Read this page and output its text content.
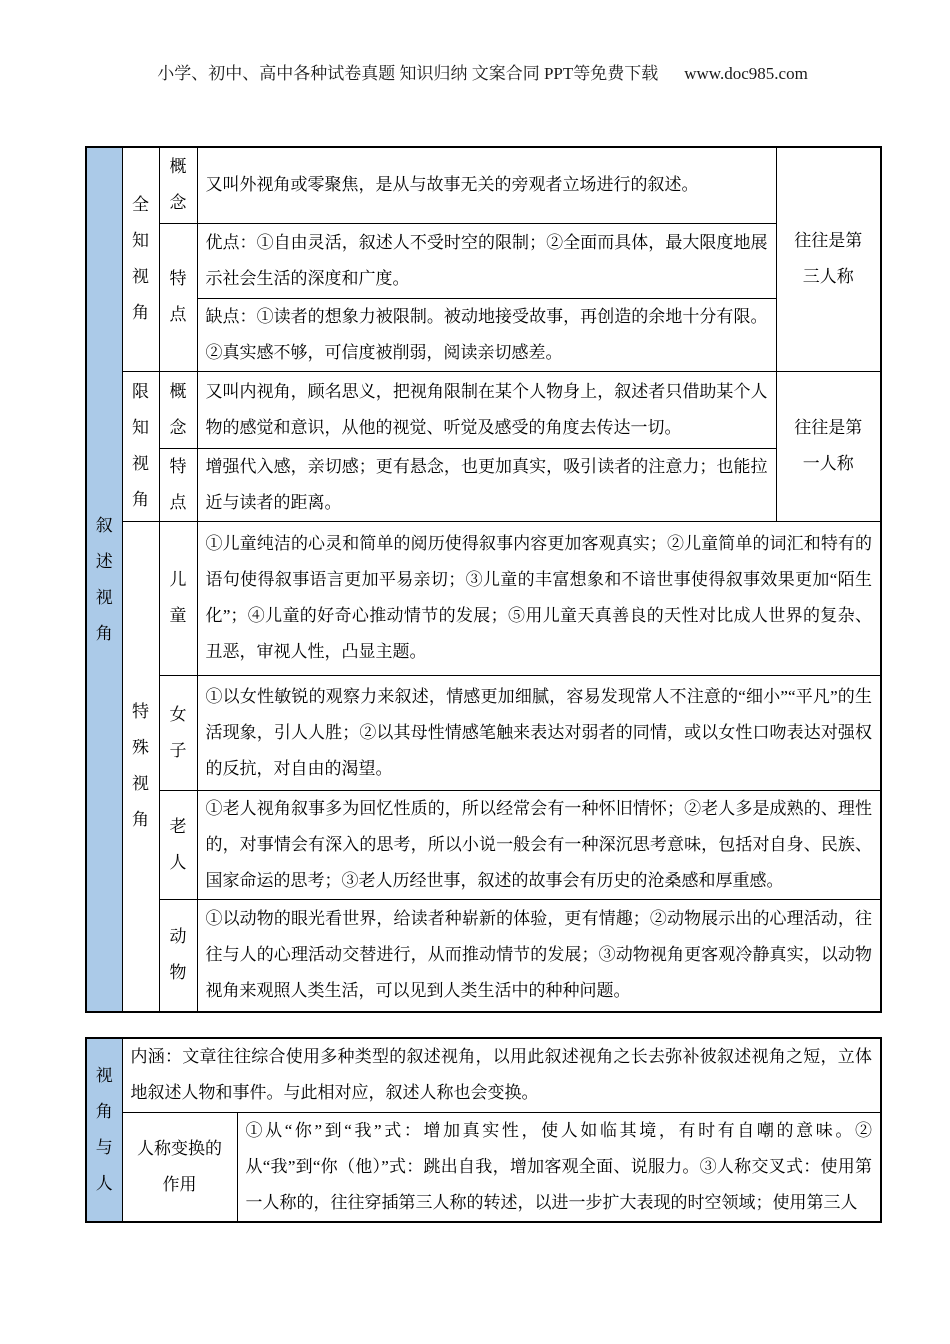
小学、初中、高中各种试卷真题 知识归纳 文案合同 PPT等免费下载 www.doc985.com
叙述视角	全知视角	概念	又叫外视角或零聚焦，是从与故事无关的旁观者立场进行的叙述。	往往是第三人称

		特点	优点：①自由灵活，叙述人不受时空的限制；②全面而具体，最大限度地展示社会生活的深度和广度。	
			缺点：①读者的想象力被限制。被动地接受故事，再创造的余地十分有限。②真实感不够，可信度被削弱，阅读亲切感差。	

	限知视角	概念	又叫内视角，顾名思义，把视角限制在某个人物身上，叙述者只借助某个人物的感觉和意识，从他的视觉、听觉及感受的角度去传达一切。	往往是第一人称

		特点	增强代入感，亲切感；更有悬念，也更加真实，吸引读者的注意力；也能拉近与读者的距离。	

	特殊视角	儿童	①儿童纯洁的心灵和简单的阅历使得叙事内容更加客观真实；②儿童简单的词汇和特有的语句使得叙事语言更加平易亲切；③儿童的丰富想象和不谙世事使得叙事效果更加“陌生化”；④儿童的好奇心推动情节的发展；⑤用儿童天真善良的天性对比成人世界的复杂、丑恶，审视人性，凸显主题。	

		女子	①以女性敏锐的观察力来叙述，情感更加细腻，容易发现常人不注意的“细小”“平凡”的生活现象，引人人胜；②以其母性情感笔触来表达对弱者的同情，或以女性口吻表达对强权的反抗，对自由的渴望。	

		老人	①老人视角叙事多为回忆性质的，所以经常会有一种怀旧情怀；②老人多是成熟的、理性的，对事情会有深入的思考，所以小说一般会有一种深沉思考意味，包括对自身、民族、国家命运的思考；③老人历经世事，叙述的故事会有历史的沧桑感和厚重感。	

		动物	①以动物的眼光看世界，给读者种崭新的体验，更有情趣；②动物展示出的心理活动，往往与人的心理活动交替进行，从而推动情节的发展；③动物视角更客观冷静真实，以动物视角来观照人类生活，可以见到人类生活中的种种问题。	
视角与人	内涵：文章往往综合使用多种类型的叙述视角，以用此叙述视角之长去弥补彼叙述视角之短，立体地叙述人物和事件。与此相对应，叙述人称也会变换。	

	人称变换的作用	①从“你”到“我”式：增加真实性，使人如临其境，有时有自嘲的意味。②从“我”到“你（他）”式：跳出自我，增加客观全面、说服力。③人称交叉式：使用第一人称的，往往穿插第三人称的转述，以进一步扩大表现的时空领域；使用第三人
